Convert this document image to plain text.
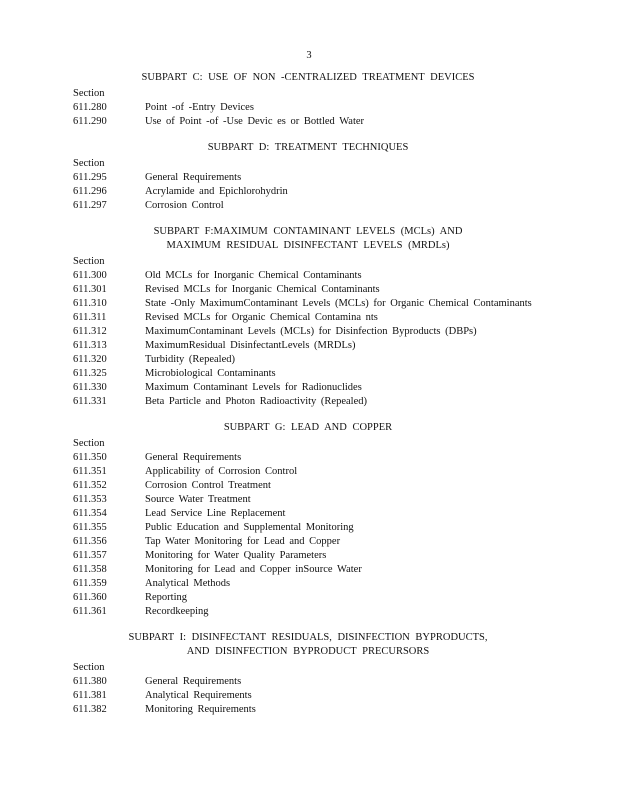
3
SUBPART C: USE OF NON -CENTRALIZED TREATMENT DEVICES
Section
611.280	Point -of -Entry Devices
611.290	Use of Point -of -Use Devic es or Bottled Water
SUBPART D: TREATMENT TECHNIQUES
Section
611.295	General Requirements
611.296	Acrylamide and Epichlorohydrin
611.297	Corrosion Control
SUBPART F:MAXIMUM CONTAMINANT LEVELS (MCLs) AND
MAXIMUM RESIDUAL DISINFECTANT LEVELS (MRDLs)
Section
611.300	Old MCLs for Inorganic Chemical Contaminants
611.301	Revised MCLs for Inorganic Chemical Contaminants
611.310	State -Only MaximumContaminant Levels (MCLs) for Organic Chemical Contaminants
611.311	Revised MCLs for Organic Chemical Contamina nts
611.312	MaximumContaminant Levels (MCLs) for Disinfection Byproducts (DBPs)
611.313	MaximumResidual DisinfectantLevels (MRDLs)
611.320	Turbidity (Repealed)
611.325	Microbiological Contaminants
611.330	Maximum Contaminant Levels for Radionuclides
611.331	Beta Particle and Photon Radioactivity (Repealed)
SUBPART G: LEAD AND COPPER
Section
611.350	General Requirements
611.351	Applicability of Corrosion Control
611.352	Corrosion Control Treatment
611.353	Source Water Treatment
611.354	Lead Service Line Replacement
611.355	Public Education and Supplemental Monitoring
611.356	Tap Water Monitoring for Lead and Copper
611.357	Monitoring for Water Quality Parameters
611.358	Monitoring for Lead and Copper inSource Water
611.359	Analytical Methods
611.360	Reporting
611.361	Recordkeeping
SUBPART I: DISINFECTANT RESIDUALS, DISINFECTION BYPRODUCTS,
AND DISINFECTION BYPRODUCT PRECURSORS
Section
611.380	General Requirements
611.381	Analytical Requirements
611.382	Monitoring Requirements
